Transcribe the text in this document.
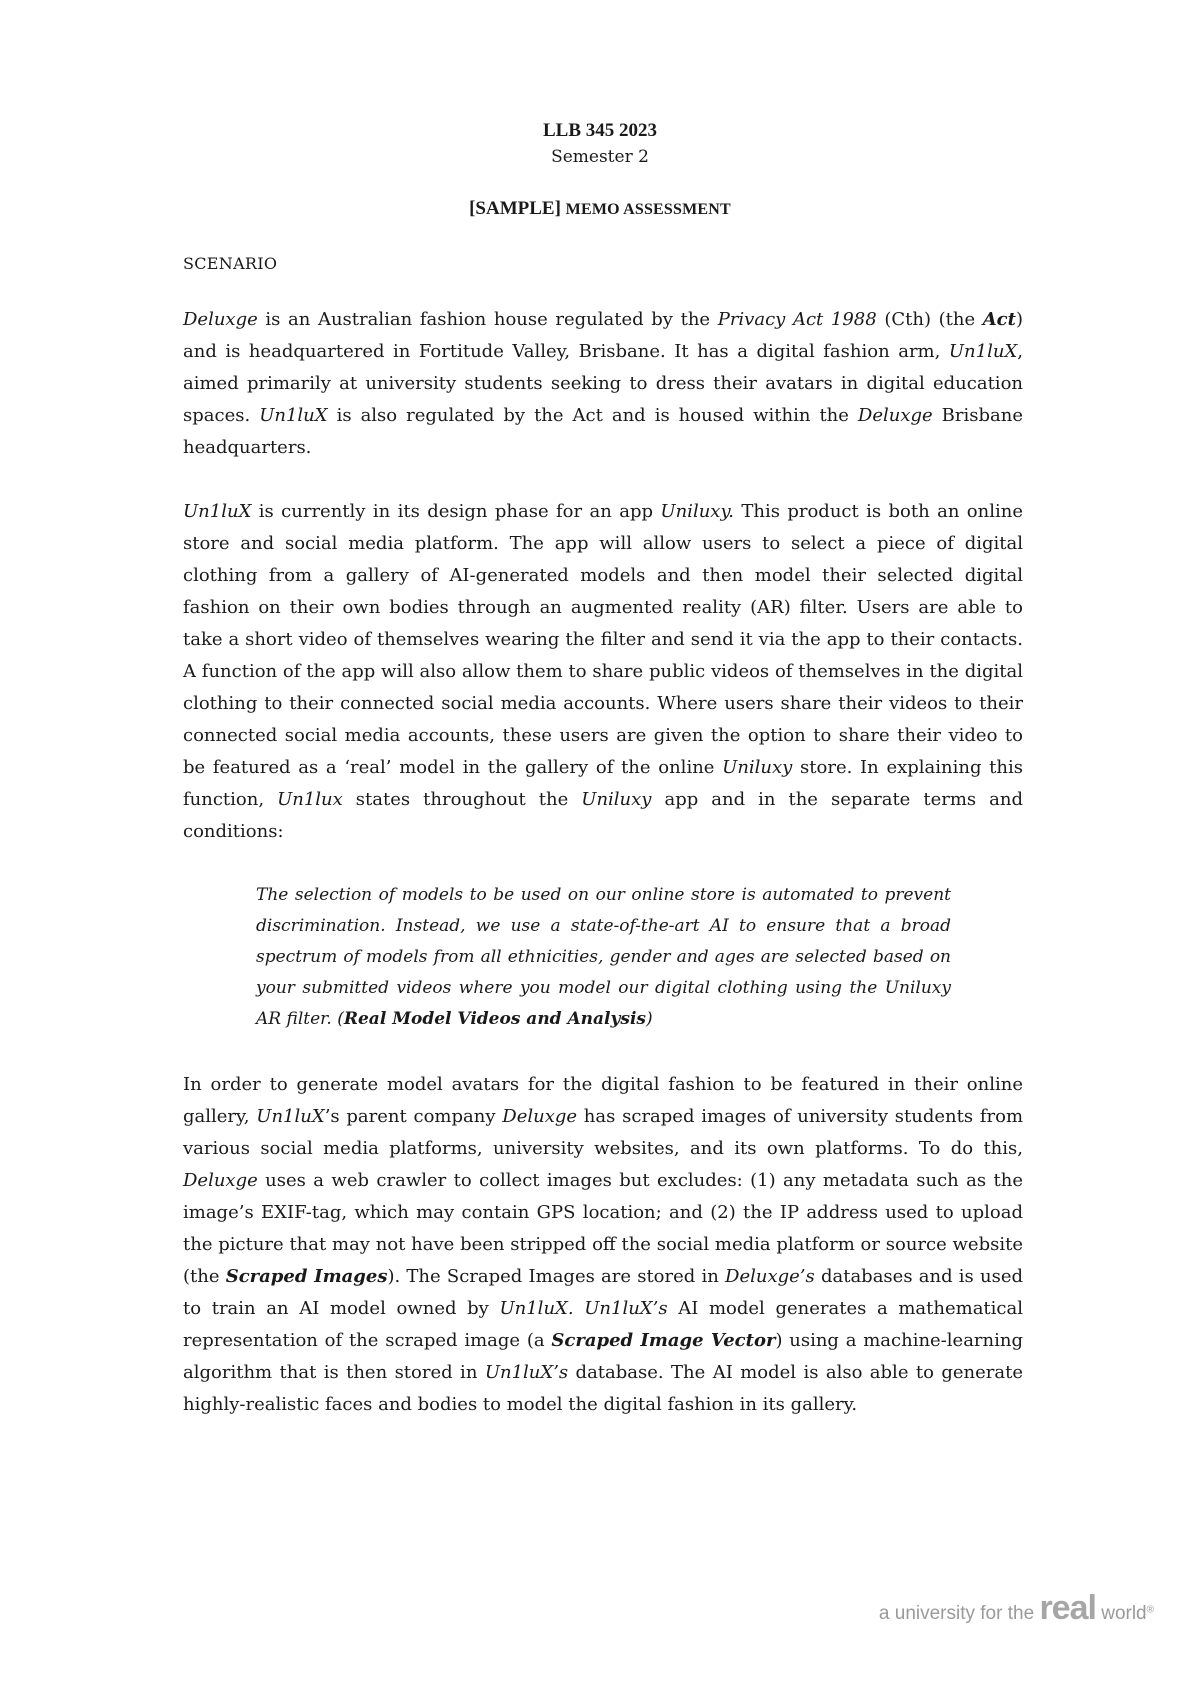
LLB 345 2023
Semester 2
[SAMPLE] MEMO ASSESSMENT
SCENARIO

Deluxge is an Australian fashion house regulated by the Privacy Act 1988 (Cth) (the Act) and is headquartered in Fortitude Valley, Brisbane. It has a digital fashion arm, Un1luX, aimed primarily at university students seeking to dress their avatars in digital education spaces. Un1luX is also regulated by the Act and is housed within the Deluxge Brisbane headquarters.

Un1luX is currently in its design phase for an app Uniluxy. This product is both an online store and social media platform. The app will allow users to select a piece of digital clothing from a gallery of AI-generated models and then model their selected digital fashion on their own bodies through an augmented reality (AR) filter. Users are able to take a short video of themselves wearing the filter and send it via the app to their contacts. A function of the app will also allow them to share public videos of themselves in the digital clothing to their connected social media accounts. Where users share their videos to their connected social media accounts, these users are given the option to share their video to be featured as a ‘real’ model in the gallery of the online Uniluxy store. In explaining this function, Un1lux states throughout the Uniluxy app and in the separate terms and conditions:

The selection of models to be used on our online store is automated to prevent discrimination. Instead, we use a state-of-the-art AI to ensure that a broad spectrum of models from all ethnicities, gender and ages are selected based on your submitted videos where you model our digital clothing using the Uniluxy AR filter. (Real Model Videos and Analysis)

In order to generate model avatars for the digital fashion to be featured in their online gallery, Un1luX’s parent company Deluxge has scraped images of university students from various social media platforms, university websites, and its own platforms. To do this, Deluxge uses a web crawler to collect images but excludes: (1) any metadata such as the image’s EXIF-tag, which may contain GPS location; and (2) the IP address used to upload the picture that may not have been stripped off the social media platform or source website (the Scraped Images). The Scraped Images are stored in Deluxge’s databases and is used to train an AI model owned by Un1luX. Un1luX’s AI model generates a mathematical representation of the scraped image (a Scraped Image Vector) using a machine-learning algorithm that is then stored in Un1luX’s database. The AI model is also able to generate highly-realistic faces and bodies to model the digital fashion in its gallery.

a university for the real world®
